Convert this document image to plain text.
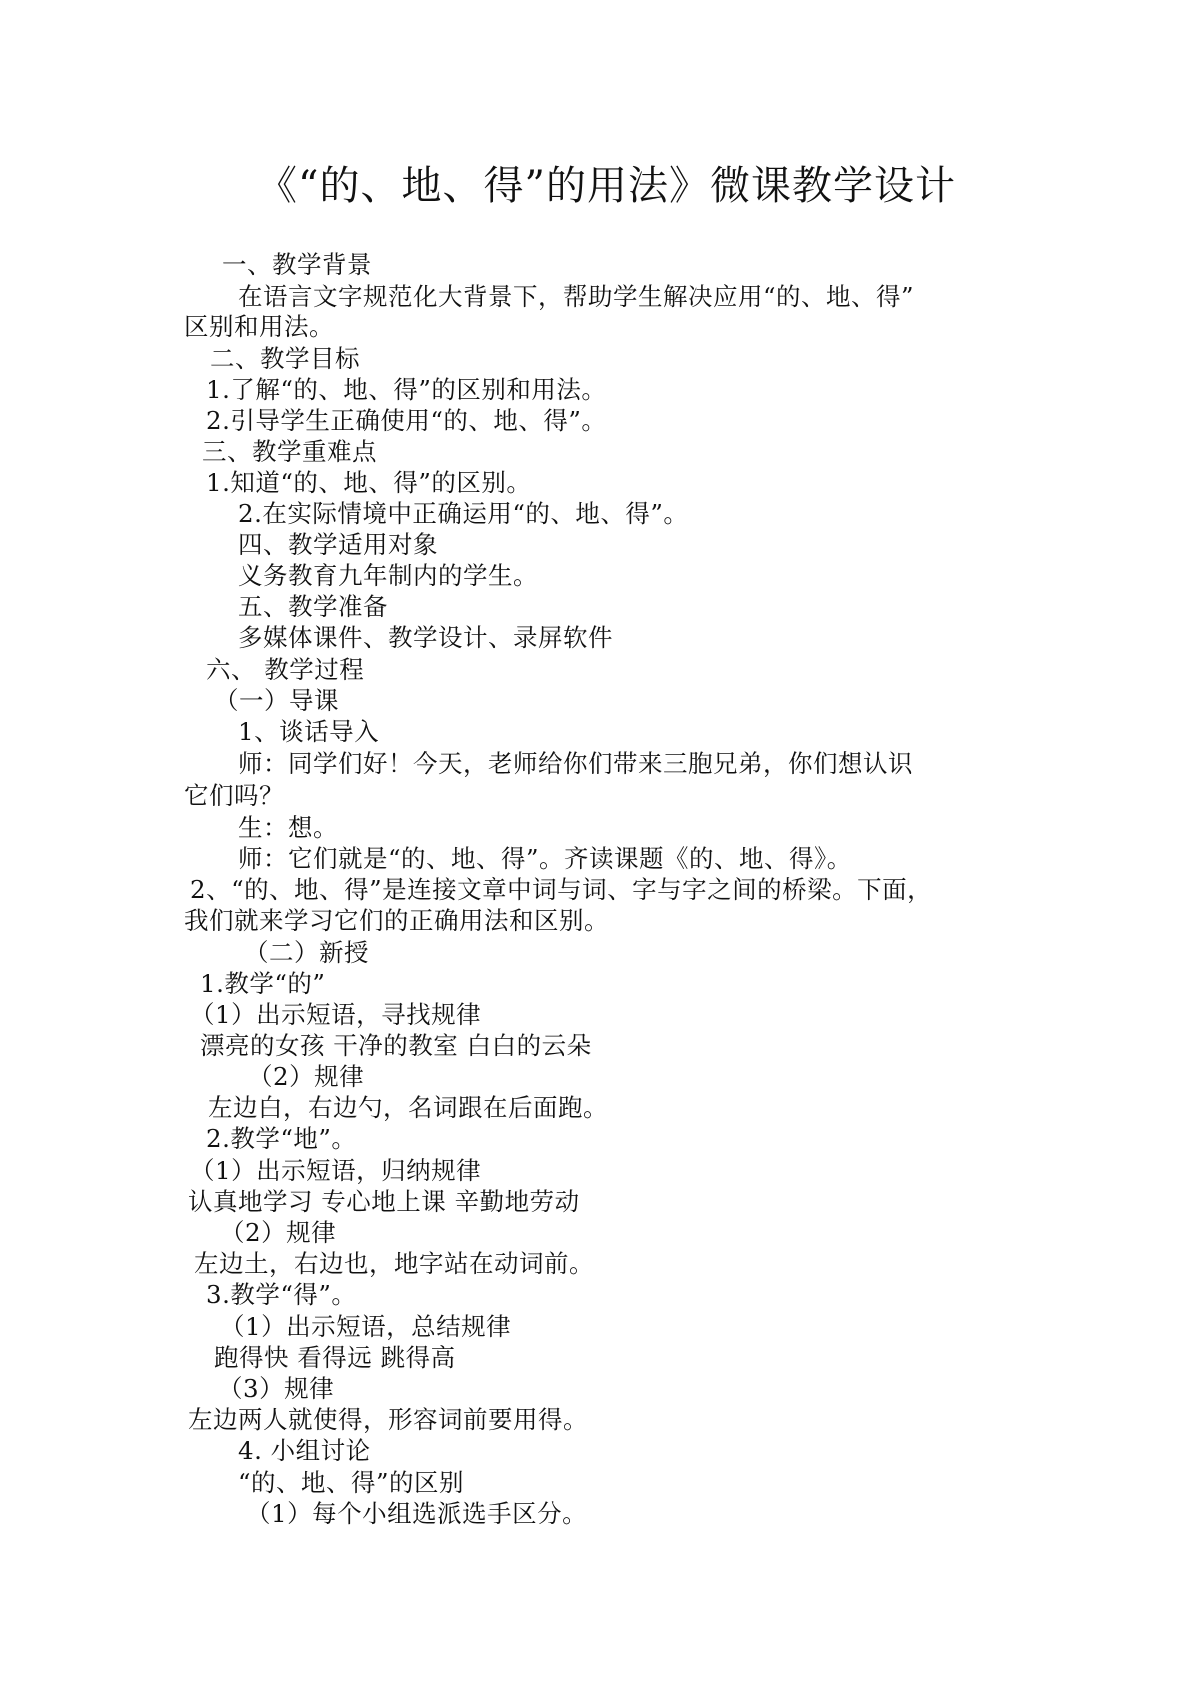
《“的、地、得”的用法》微课教学设计
一、教学背景
在语言文字规范化大背景下，帮助学生解决应用“的、地、得”
区别和用法。
二、教学目标
1.了解“的、地、得”的区别和用法。
2.引导学生正确使用“的、地、得”。
三、教学重难点
1.知道“的、地、得”的区别。
2.在实际情境中正确运用“的、地、得”。
四、教学适用对象
义务教育九年制内的学生。
五、教学准备
多媒体课件、教学设计、录屏软件
六、 教学过程
（一）导课
1、谈话导入
师：同学们好！今天，老师给你们带来三胞兄弟，你们想认识
它们吗？
生：想。
师：它们就是“的、地、得”。齐读课题《的、地、得》。
2、“的、地、得”是连接文章中词与词、字与字之间的桥梁。下面，
我们就来学习它们的正确用法和区别。
（二）新授
1.教学“的”
（1）出示短语，寻找规律
漂亮的女孩 干净的教室 白白的云朵
（2）规律
左边白，右边勺，名词跟在后面跑。
2.教学“地”。
（1）出示短语，归纳规律
认真地学习 专心地上课 辛勤地劳动
（2）规律
左边土，右边也，地字站在动词前。
3.教学“得”。
（1）出示短语，总结规律
跑得快 看得远 跳得高
（3）规律
左边两人就使得，形容词前要用得。
4. 小组讨论
“的、地、得”的区别
（1）每个小组选派选手区分。
